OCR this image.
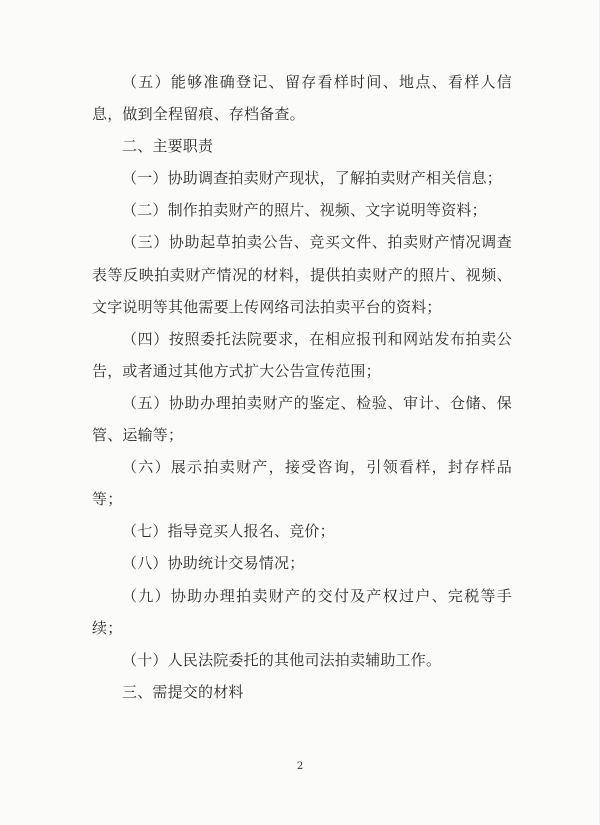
（五）能够准确登记、留存看样时间、地点、看样人信息，做到全程留痕、存档备查。

二、主要职责

（一）协助调查拍卖财产现状，了解拍卖财产相关信息；

（二）制作拍卖财产的照片、视频、文字说明等资料；

（三）协助起草拍卖公告、竞买文件、拍卖财产情况调查表等反映拍卖财产情况的材料，提供拍卖财产的照片、视频、文字说明等其他需要上传网络司法拍卖平台的资料；

（四）按照委托法院要求，在相应报刊和网站发布拍卖公告，或者通过其他方式扩大公告宣传范围；

（五）协助办理拍卖财产的鉴定、检验、审计、仓储、保管、运输等；

（六）展示拍卖财产，接受咨询，引领看样，封存样品等；

（七）指导竞买人报名、竞价；

（八）协助统计交易情况；

（九）协助办理拍卖财产的交付及产权过户、完税等手续；

（十）人民法院委托的其他司法拍卖辅助工作。

三、需提交的材料

2
